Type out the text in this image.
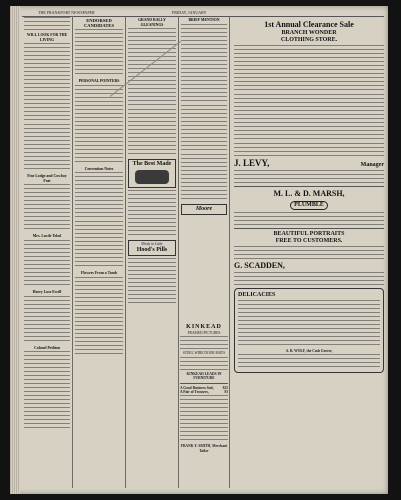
THE FRANKFORT NEWSPAPER	FRIDAY, JANUARY
WILL LOOK FOR THE LIVING
Fine Lodge and Cowboy Feat
Mrs. Lucile Tebol
Harry Lose Ewell
Colonel Pethion
ENDORSED CANDIDATES
PERSONAL POINTERS
Convention Notes
Flowers From a Tomb
GRAND RALLY GLEANINGS
The Best Made
Meals in Little
Hood's Pills
BRIEF MENTION
Moore
KINKEAD
FRAMED PICTURES
STEEL WIRE DOOR MATS
KINKEAD LEADS IN FURNITURE
A Good Business Suit, $25
A Pair of Trousers,	$5
FRANK Y. SMITH, Merchant Tailor
1st Annual Clearance Sale
BRANCH WONDER
CLOTHING STORE.
J. LEVY,	Manager
M. L. & D. MARSH,
PLUMBLE
BEAUTIFUL PORTRAITS
FREE TO CUSTOMERS.
G. SCADDEN,
DELICACIES
A. B. WOLF, the Cash Grocer,
